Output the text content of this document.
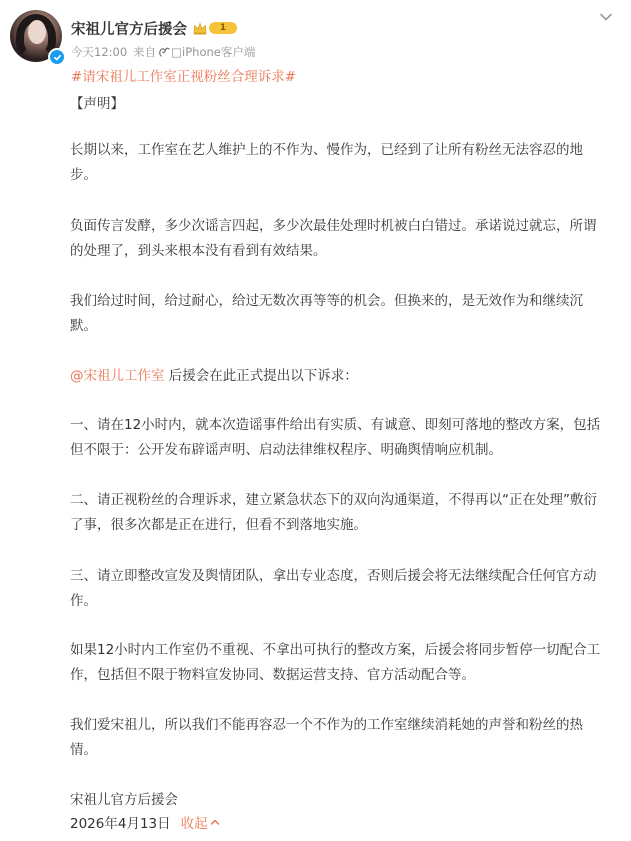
宋祖儿官方后援会	1
今天12:00 来自 □iPhone客户端
#请宋祖儿工作室正视粉丝合理诉求#

【声明】

长期以来，工作室在艺人维护上的不作为、慢作为，已经到了让所有粉丝无法容忍的地步。

负面传言发酵，多少次谣言四起，多少次最佳处理时机被白白错过。承诺说过就忘，所谓的处理了，到头来根本没有看到有效结果。

我们给过时间，给过耐心，给过无数次再等等的机会。但换来的，是无效作为和继续沉默。

@宋祖儿工作室 后援会在此正式提出以下诉求：

一、请在12小时内，就本次造谣事件给出有实质、有诚意、即刻可落地的整改方案，包括但不限于：公开发布辟谣声明、启动法律维权程序、明确舆情响应机制。

二、请正视粉丝的合理诉求，建立紧急状态下的双向沟通渠道，不得再以“正在处理”敷衍了事，很多次都是正在进行，但看不到落地实施。

三、请立即整改宣发及舆情团队，拿出专业态度，否则后援会将无法继续配合任何官方动作。

如果12小时内工作室仍不重视、不拿出可执行的整改方案，后援会将同步暂停一切配合工作，包括但不限于物料宣发协同、数据运营支持、官方活动配合等。

我们爱宋祖儿，所以我们不能再容忍一个不作为的工作室继续消耗她的声誉和粉丝的热情。

宋祖儿官方后援会

2026年4月13日 收起
